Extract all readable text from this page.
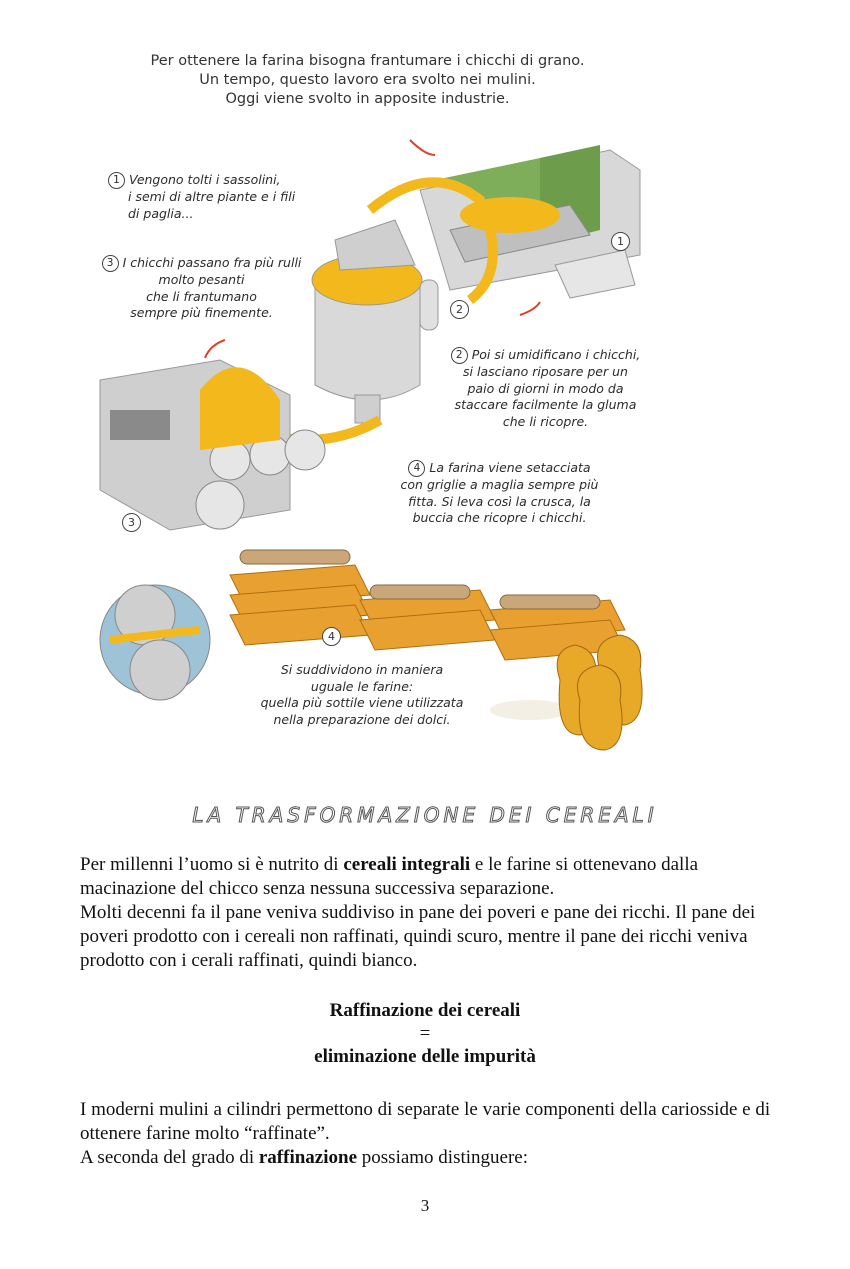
1
2
3
4
Per ottenere la farina bisogna frantumare i chicchi di grano.
Un tempo, questo lavoro era svolto nei mulini.
Oggi viene svolto in apposite industrie.
1 Vengono tolti i sassolini,
i semi di altre piante e i fili
di paglia...
3 I chicchi passano fra più rulli
molto pesanti
che li frantumano
sempre più finemente.
2 Poi si umidificano i chicchi,
si lasciano riposare per un
paio di giorni in modo da
staccare facilmente la gluma
che li ricopre.
4 La farina viene setacciata
con griglie a maglia sempre più
fitta. Si leva così la crusca, la
buccia che ricopre i chicchi.
Si suddividono in maniera
uguale le farine:
quella più sottile viene utilizzata
nella preparazione dei dolci.
LA TRASFORMAZIONE DEI CEREALI
Per millenni l’uomo si è nutrito di cereali integrali e le farine si ottenevano dalla macinazione del chicco senza nessuna successiva separazione.
Molti decenni fa il pane veniva suddiviso in pane dei poveri e pane dei ricchi. Il pane dei poveri prodotto con i cereali non raffinati, quindi scuro, mentre il pane dei ricchi veniva prodotto con i cerali raffinati, quindi bianco.
Raffinazione dei cereali
=
eliminazione delle impurità
I moderni mulini a cilindri permettono di separate le varie componenti della cariosside e di ottenere farine molto “raffinate”.
A seconda del grado di raffinazione possiamo distinguere:
3
